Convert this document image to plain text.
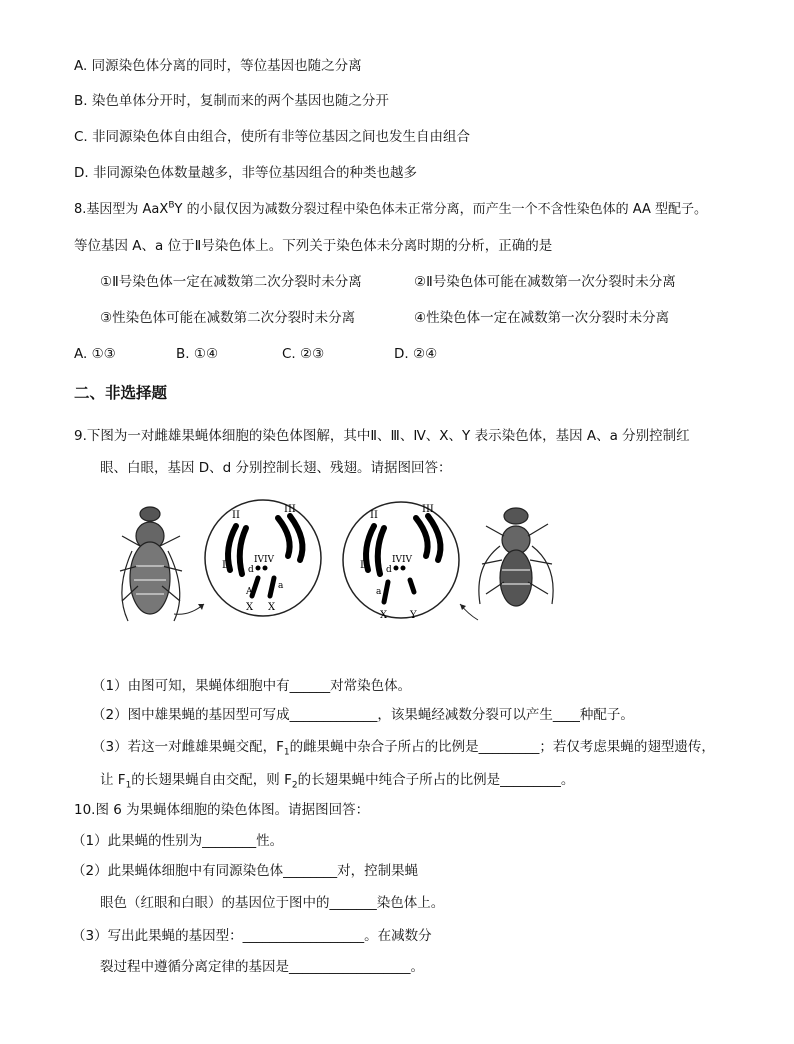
A. 同源染色体分离的同时，等位基因也随之分离
B. 染色单体分开时，复制而来的两个基因也随之分开
C. 非同源染色体自由组合，使所有非等位基因之间也发生自由组合
D. 非同源染色体数量越多，非等位基因组合的种类也越多
8.基因型为 AaX$^B$Y 的小鼠仅因为减数分裂过程中染色体未正常分离，而产生一个不含性染色体的 AA 型配子。
等位基因 A、a 位于Ⅱ号染色体上。下列关于染色体未分离时期的分析，正确的是
①Ⅱ号染色体一定在减数第二次分裂时未分离	②Ⅱ号染色体可能在减数第一次分裂时未分离
③性染色体可能在减数第二次分裂时未分离	④性染色体一定在减数第一次分裂时未分离
A. ①③	B. ①④	C. ②③	D. ②④
二、非选择题
9.下图为一对雌雄果蝇体细胞的染色体图解，其中Ⅱ、Ⅲ、Ⅳ、X、Y 表示染色体，基因 A、a 分别控制红
眼、白眼，基因 D、d 分别控制长翅、残翅。请据图回答：
II
III
D d
IV IV
A
a
X X
II
III
D d
IV IV
a
X Y
（1）由图可知，果蝇体细胞中有______对常染色体。
（2）图中雄果蝇的基因型可写成_____________，该果蝇经减数分裂可以产生____种配子。
（3）若这一对雌雄果蝇交配，$F_1$的雌果蝇中杂合子所占的比例是_________；若仅考虑果蝇的翅型遗传，
让 $F_1$的长翅果蝇自由交配，则 $F_2$的长翅果蝇中纯合子所占的比例是_________。
10.图 6 为果蝇体细胞的染色体图。请据图回答：
（1）此果蝇的性别为________性。
（2）此果蝇体细胞中有同源染色体________对，控制果蝇
眼色（红眼和白眼）的基因位于图中的_______染色体上。
（3）写出此果蝇的基因型：__________________。在减数分
裂过程中遵循分离定律的基因是__________________。
